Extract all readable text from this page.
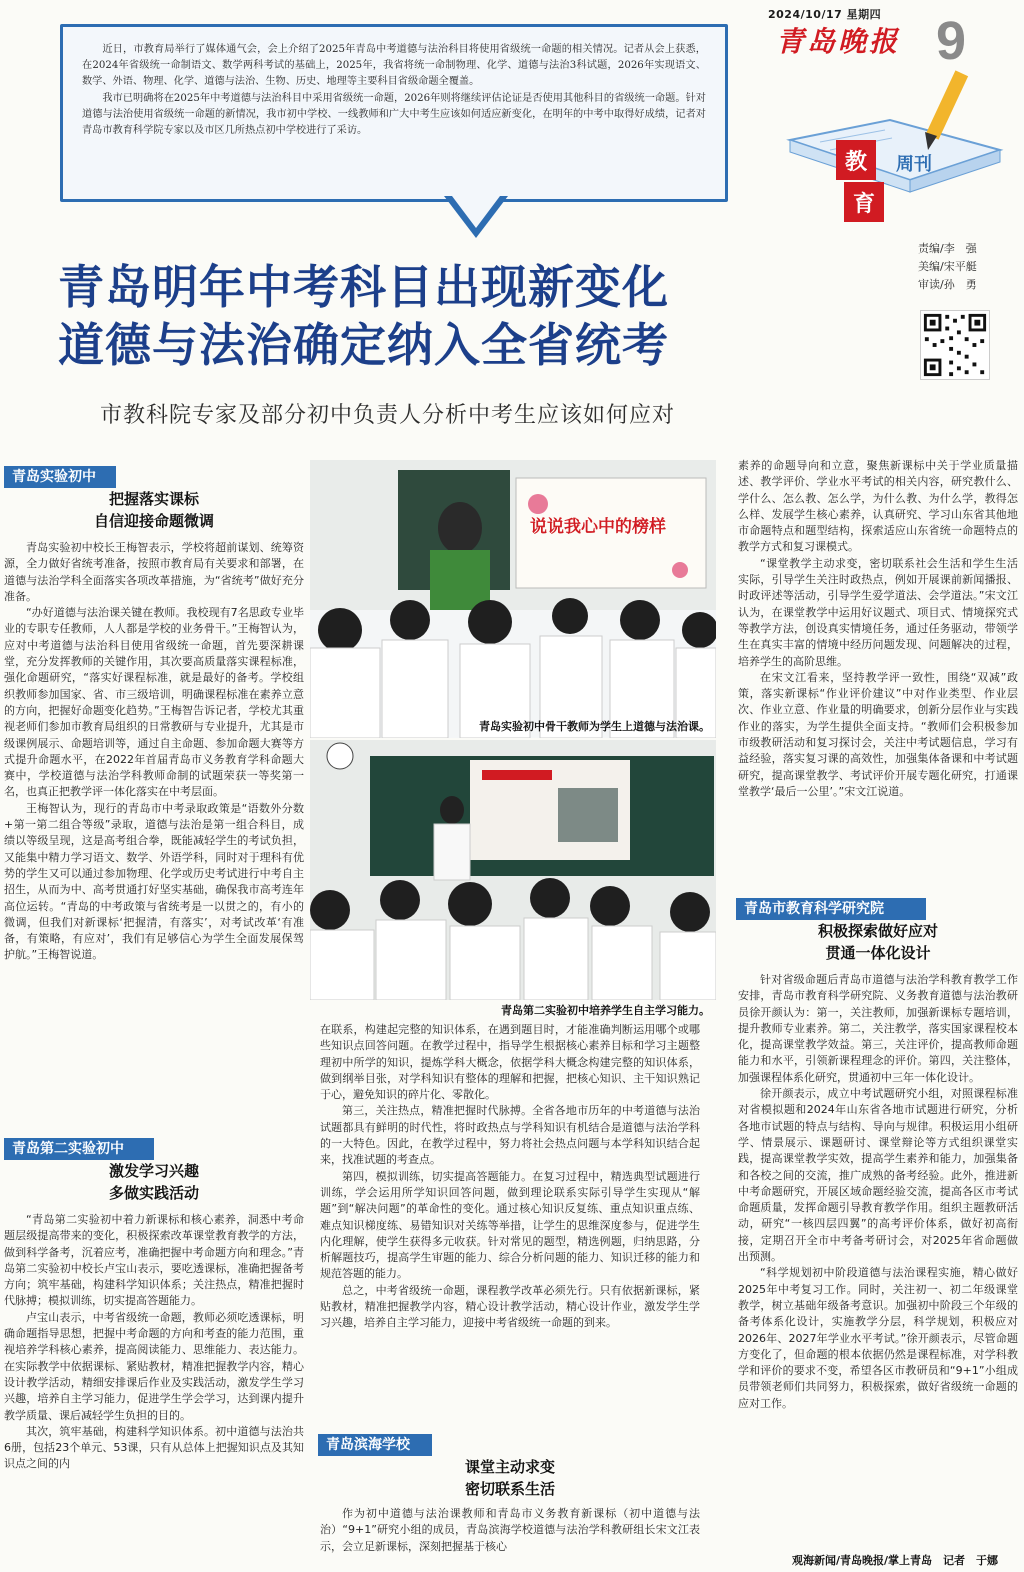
2024/10/17 星期四
青岛晚报 9

近日，市教育局举行了媒体通气会，会上介绍了2025年青岛中考道德与法治科目将使用省级统一命题的相关情况。记者从会上获悉，在2024年省级统一命制语文、数学两科考试的基础上，2025年，我省将统一命制物理、化学、道德与法治3科试题，2026年实现语文、数学、外语、物理、化学、道德与法治、生物、历史、地理等主要科目省级命题全覆盖。

我市已明确将在2025年中考道德与法治科目中采用省级统一命题，2026年则将继续评估论证是否使用其他科目的省级统一命题。针对道德与法治使用省级统一命题的新情况，我市初中学校、一线教师和广大中考生应该如何适应新变化，在明年的中考中取得好成绩，记者对青岛市教育科学院专家以及市区几所热点初中学校进行了采访。

教
育
周刊
责编/李　强
美编/宋平艇
审读/孙　勇
青岛明年中考科目出现新变化
道德与法治确定纳入全省统考
市教科院专家及部分初中负责人分析中考生应该如何应对
青岛实验初中
把握落实课标
自信迎接命题微调

青岛实验初中校长王梅智表示，学校将超前谋划、统筹资源，全力做好省统考准备，按照市教育局有关要求和部署，在道德与法治学科全面落实各项改革措施，为“省统考”做好充分准备。

“办好道德与法治课关键在教师。我校现有7名思政专业毕业的专职专任教师，人人都是学校的业务骨干。”王梅智认为，应对中考道德与法治科目使用省级统一命题，首先要深耕课堂，充分发挥教师的关键作用，其次要高质量落实课程标准，强化命题研究，“落实好课程标准，就是最好的备考。学校组织教师参加国家、省、市三级培训，明确课程标准在素养立意的方向，把握好命题变化趋势。”王梅智告诉记者，学校尤其重视老师们参加市教育局组织的日常教研与专业提升，尤其是市级课例展示、命题培训等，通过自主命题、参加命题大赛等方式提升命题水平，在2022年首届青岛市义务教育学科命题大赛中，学校道德与法治学科教师命制的试题荣获一等奖第一名，也真正把教学评一体化落实在中考层面。

王梅智认为，现行的青岛市中考录取政策是“语数外分数+第一第二组合等级”录取，道德与法治是第一组合科目，成绩以等级呈现，这是高考组合拳，既能减轻学生的考试负担，又能集中精力学习语文、数学、外语学科，同时对于理科有优势的学生又可以通过参加物理、化学或历史考试进行中考自主招生，从而为中、高考贯通打好坚实基础，确保我市高考连年高位运转。“青岛的中考政策与省统考是一以贯之的，有小的微调，但我们对新课标‘把握清，有落实’，对考试改革‘有准备，有策略，有应对’，我们有足够信心为学生全面发展保驾护航。”王梅智说道。

青岛第二实验初中
激发学习兴趣
多做实践活动

“青岛第二实验初中着力新课标和核心素养，洞悉中考命题层级提高带来的变化，积极探索改革课堂教育教学的方法，做到科学备考，沉着应考，准确把握中考命题方向和理念。”青岛第二实验初中校长卢宝山表示，要吃透课标，准确把握备考方向；筑牢基础，构建科学知识体系；关注热点，精准把握时代脉搏；模拟训练，切实提高答题能力。

卢宝山表示，中考省级统一命题，教师必须吃透课标，明确命题指导思想，把握中考命题的方向和考查的能力范围，重视培养学科核心素养，提高阅读能力、思维能力、表达能力。在实际教学中依据课标、紧贴教材，精准把握教学内容，精心设计教学活动，精细安排课后作业及实践活动，激发学生学习兴趣，培养自主学习能力，促进学生学会学习，达到课内提升教学质量、课后减轻学生负担的目的。

其次，筑牢基础，构建科学知识体系。初中道德与法治共6册，包括23个单元、53课，只有从总体上把握知识点及其知识点之间的内

说说我心中的榜样
青岛实验初中骨干教师为学生上道德与法治课。
青岛第二实验初中培养学生自主学习能力。

在联系，构建起完整的知识体系，在遇到题目时，才能准确判断运用哪个或哪些知识点回答问题。在教学过程中，指导学生根据核心素养目标和学习主题整理初中所学的知识，提炼学科大概念，依据学科大概念构建完整的知识体系，做到纲举目张，对学科知识有整体的理解和把握，把核心知识、主干知识熟记于心，避免知识的碎片化、零散化。

第三，关注热点，精准把握时代脉搏。全省各地市历年的中考道德与法治试题都具有鲜明的时代性，将时政热点与学科知识有机结合是道德与法治学科的一大特色。因此，在教学过程中，努力将社会热点问题与本学科知识结合起来，找准试题的考查点。

第四，模拟训练，切实提高答题能力。在复习过程中，精选典型试题进行训练，学会运用所学知识回答问题，做到理论联系实际引导学生实现从“解题”到“解决问题”的革命性的变化。通过核心知识反复练、重点知识重点练、难点知识梯度练、易错知识对关练等举措，让学生的思维深度参与，促进学生内化理解，使学生获得多元收获。针对常见的题型，精选例题，归纳思路，分析解题技巧，提高学生审题的能力、综合分析问题的能力、知识迁移的能力和规范答题的能力。

总之，中考省级统一命题，课程教学改革必须先行。只有依据新课标，紧贴教材，精准把握教学内容，精心设计教学活动，精心设计作业，激发学生学习兴趣，培养自主学习能力，迎接中考省级统一命题的到来。

青岛滨海学校
课堂主动求变
密切联系生活

作为初中道德与法治课教师和青岛市义务教育新课标（初中道德与法治）“9+1”研究小组的成员，青岛滨海学校道德与法治学科教研组长宋文江表示，会立足新课标，深刻把握基于核心

素养的命题导向和立意，聚焦新课标中关于学业质量描述、教学评价、学业水平考试的相关内容，研究教什么、学什么、怎么教、怎么学，为什么教、为什么学，教得怎么样、发展学生核心素养，认真研究、学习山东省其他地市命题特点和题型结构，探索适应山东省统一命题特点的教学方式和复习课模式。

“课堂教学主动求变，密切联系社会生活和学生生活实际，引导学生关注时政热点，例如开展课前新闻播报、时政评述等活动，引导学生爱学道法、会学道法。”宋文江认为，在课堂教学中运用好议题式、项目式、情境探究式等教学方法，创设真实情境任务，通过任务驱动，带领学生在真实丰富的情境中经历问题发现、问题解决的过程，培养学生的高阶思维。

在宋文江看来，坚持教学评一致性，围绕“双减”政策，落实新课标“作业评价建议”中对作业类型、作业层次、作业立意、作业量的明确要求，创新分层作业与实践作业的落实，为学生提供全面支持。“教师们会积极参加市级教研活动和复习探讨会，关注中考试题信息，学习有益经验，落实复习课的高效性，加强集体备课和中考试题研究，提高课堂教学、考试评价开展专题化研究，打通课堂教学‘最后一公里’。”宋文江说道。

青岛市教育科学研究院
积极探索做好应对
贯通一体化设计

针对省级命题后青岛市道德与法治学科教育教学工作安排，青岛市教育科学研究院、义务教育道德与法治教研员徐开颜认为：第一，关注教师，加强新课标专题培训，提升教师专业素养。第二，关注教学，落实国家课程校本化，提高课堂教学效益。第三，关注评价，提高教师命题能力和水平，引领新课程理念的评价。第四，关注整体，加强课程体系化研究，贯通初中三年一体化设计。

徐开颜表示，成立中考试题研究小组，对照课程标准对省模拟题和2024年山东省各地市试题进行研究，分析各地市试题的特点与结构、导向与规律。积极运用小组研学、情景展示、课题研讨、课堂辩论等方式组织课堂实践，提高课堂教学实效，提高学生素养和能力，加强集备和各校之间的交流，推广成熟的备考经验。此外，推进新中考命题研究，开展区域命题经验交流，提高各区市考试命题质量，发挥命题引导教育教学作用。组织主题教研活动，研究“一核四层四翼”的高考评价体系，做好初高衔接，定期召开全市中考备考研讨会，对2025年省命题做出预测。

“科学规划初中阶段道德与法治课程实施，精心做好2025年中考复习工作。同时，关注初一、初二年级课堂教学，树立基础年级备考意识。加强初中阶段三个年级的备考体系化设计，实施教学分层，科学规划，积极应对2026年、2027年学业水平考试。”徐开颜表示，尽管命题方变化了，但命题的根本依据仍然是课程标准，对学科教学和评价的要求不变，希望各区市教研员和“9+1”小组成员带领老师们共同努力，积极探索，做好省级统一命题的应对工作。

观海新闻/青岛晚报/掌上青岛　记者　于娜
